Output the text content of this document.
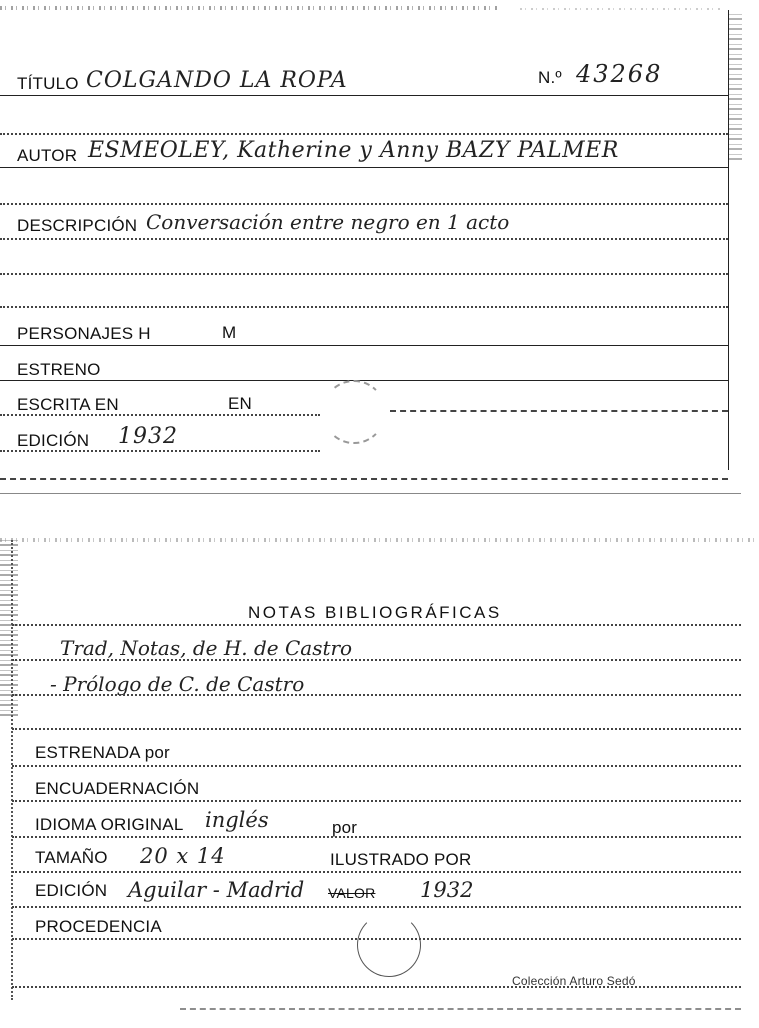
TÍTULO COLGANDO LA ROPA	N.º 43268
AUTOR ESMEOLEY, Katherine y Anny BAZY PALMER
DESCRIPCIÓN Conversación entre negro en 1 acto
PERSONAJES H	M
ESTRENO
ESCRITA EN	EN
EDICIÓN 1932
NOTAS BIBLIOGRÁFICAS
Trad, Notas, de H. de Castro
- Prólogo de C. de Castro
ESTRENADA por
ENCUADERNACIÓN
IDIOMA ORIGINAL inglés	por
TAMAÑO 20 x 14	ILUSTRADO POR
EDICIÓN Aguilar - Madrid VALOR 1932
PROCEDENCIA
Colección Arturo Sedó
